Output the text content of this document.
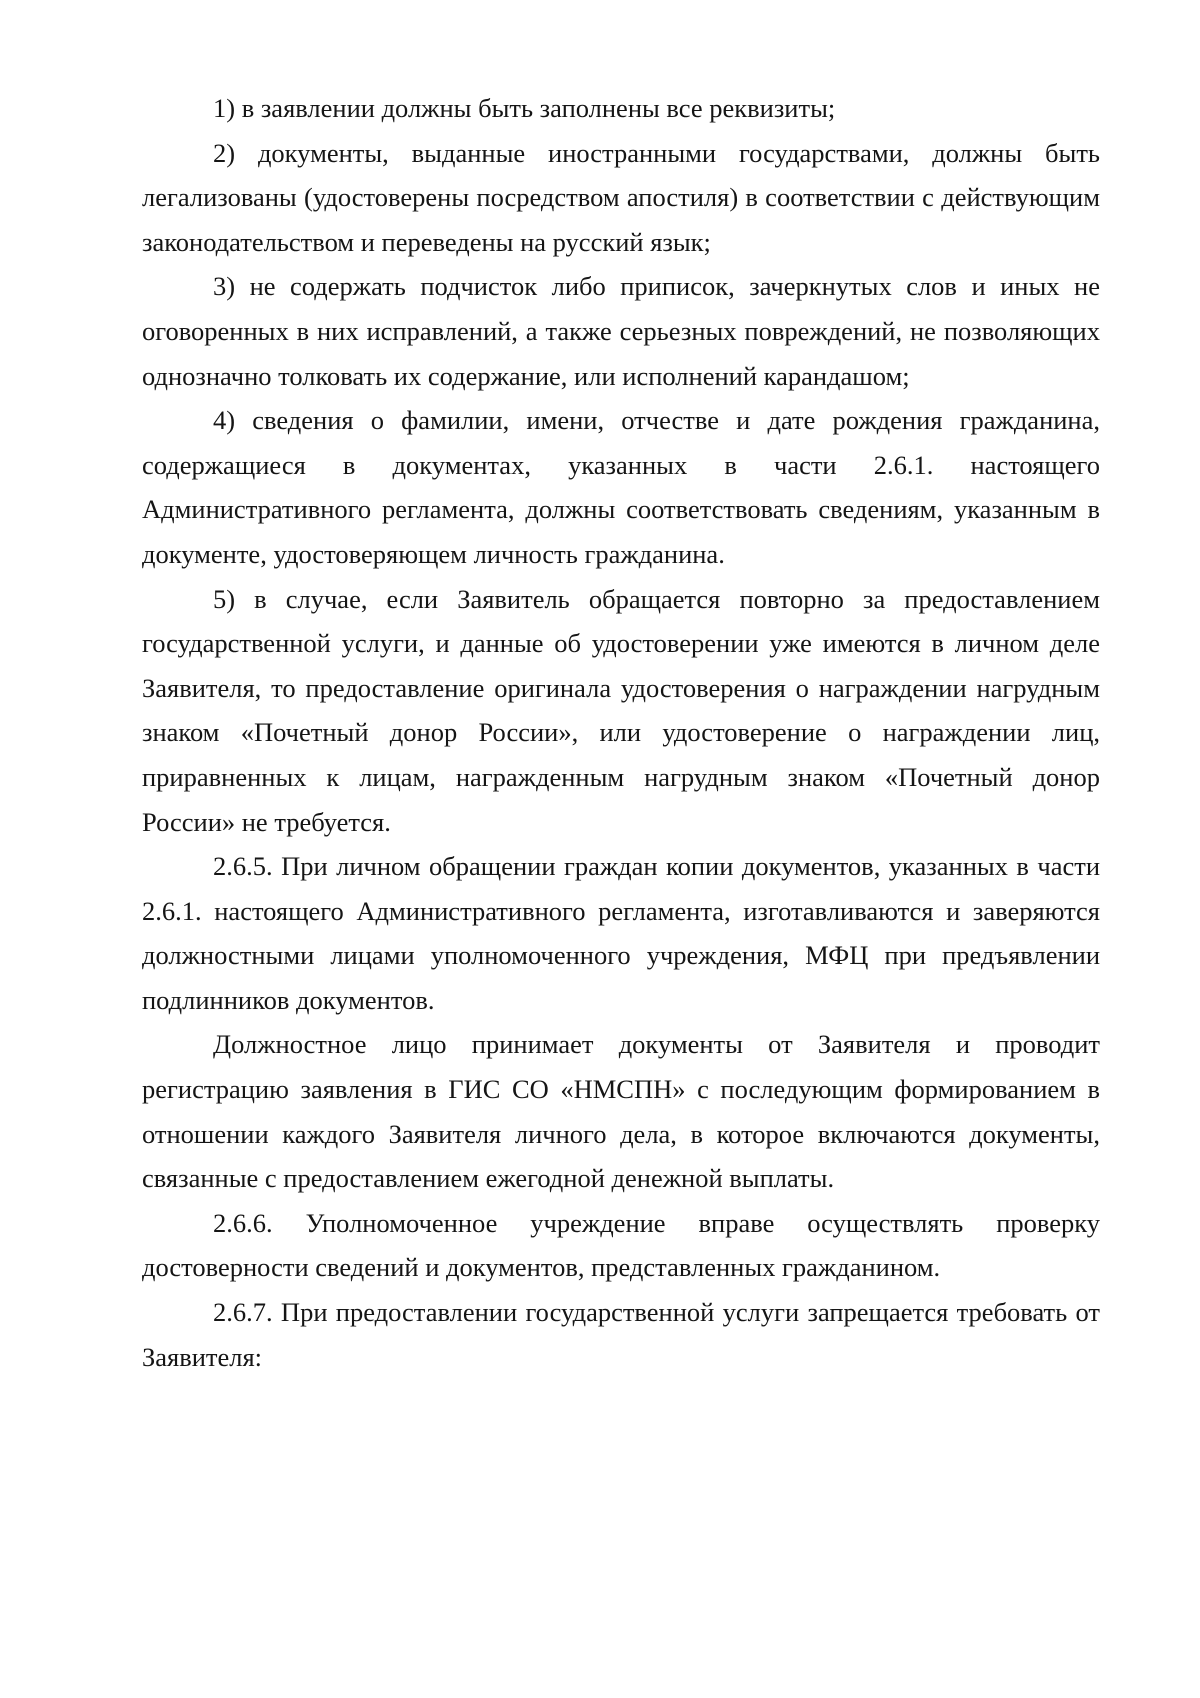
1) в заявлении должны быть заполнены все реквизиты;

2) документы, выданные иностранными государствами, должны быть легализованы (удостоверены посредством апостиля) в соответствии с действующим законодательством и переведены на русский язык;

3) не содержать подчисток либо приписок, зачеркнутых слов и иных не оговоренных в них исправлений, а также серьезных повреждений, не позволяющих однозначно толковать их содержание, или исполнений карандашом;

4) сведения о фамилии, имени, отчестве и дате рождения гражданина, содержащиеся в документах, указанных в части 2.6.1. настоящего Административного регламента, должны соответствовать сведениям, указанным в документе, удостоверяющем личность гражданина.

5) в случае, если Заявитель обращается повторно за предоставлением государственной услуги, и данные об удостоверении уже имеются в личном деле Заявителя, то предоставление оригинала удостоверения о награждении нагрудным знаком «Почетный донор России», или удостоверение о награждении лиц, приравненных к лицам, награжденным нагрудным знаком «Почетный донор России» не требуется.

2.6.5. При личном обращении граждан копии документов, указанных в части 2.6.1. настоящего Административного регламента, изготавливаются и заверяются должностными лицами уполномоченного учреждения, МФЦ при предъявлении подлинников документов.

Должностное лицо принимает документы от Заявителя и проводит регистрацию заявления в ГИС СО «НМСПН» с последующим формированием в отношении каждого Заявителя личного дела, в которое включаются документы, связанные с предоставлением ежегодной денежной выплаты.

2.6.6. Уполномоченное учреждение вправе осуществлять проверку достоверности сведений и документов, представленных гражданином.

2.6.7. При предоставлении государственной услуги запрещается требовать от Заявителя:
